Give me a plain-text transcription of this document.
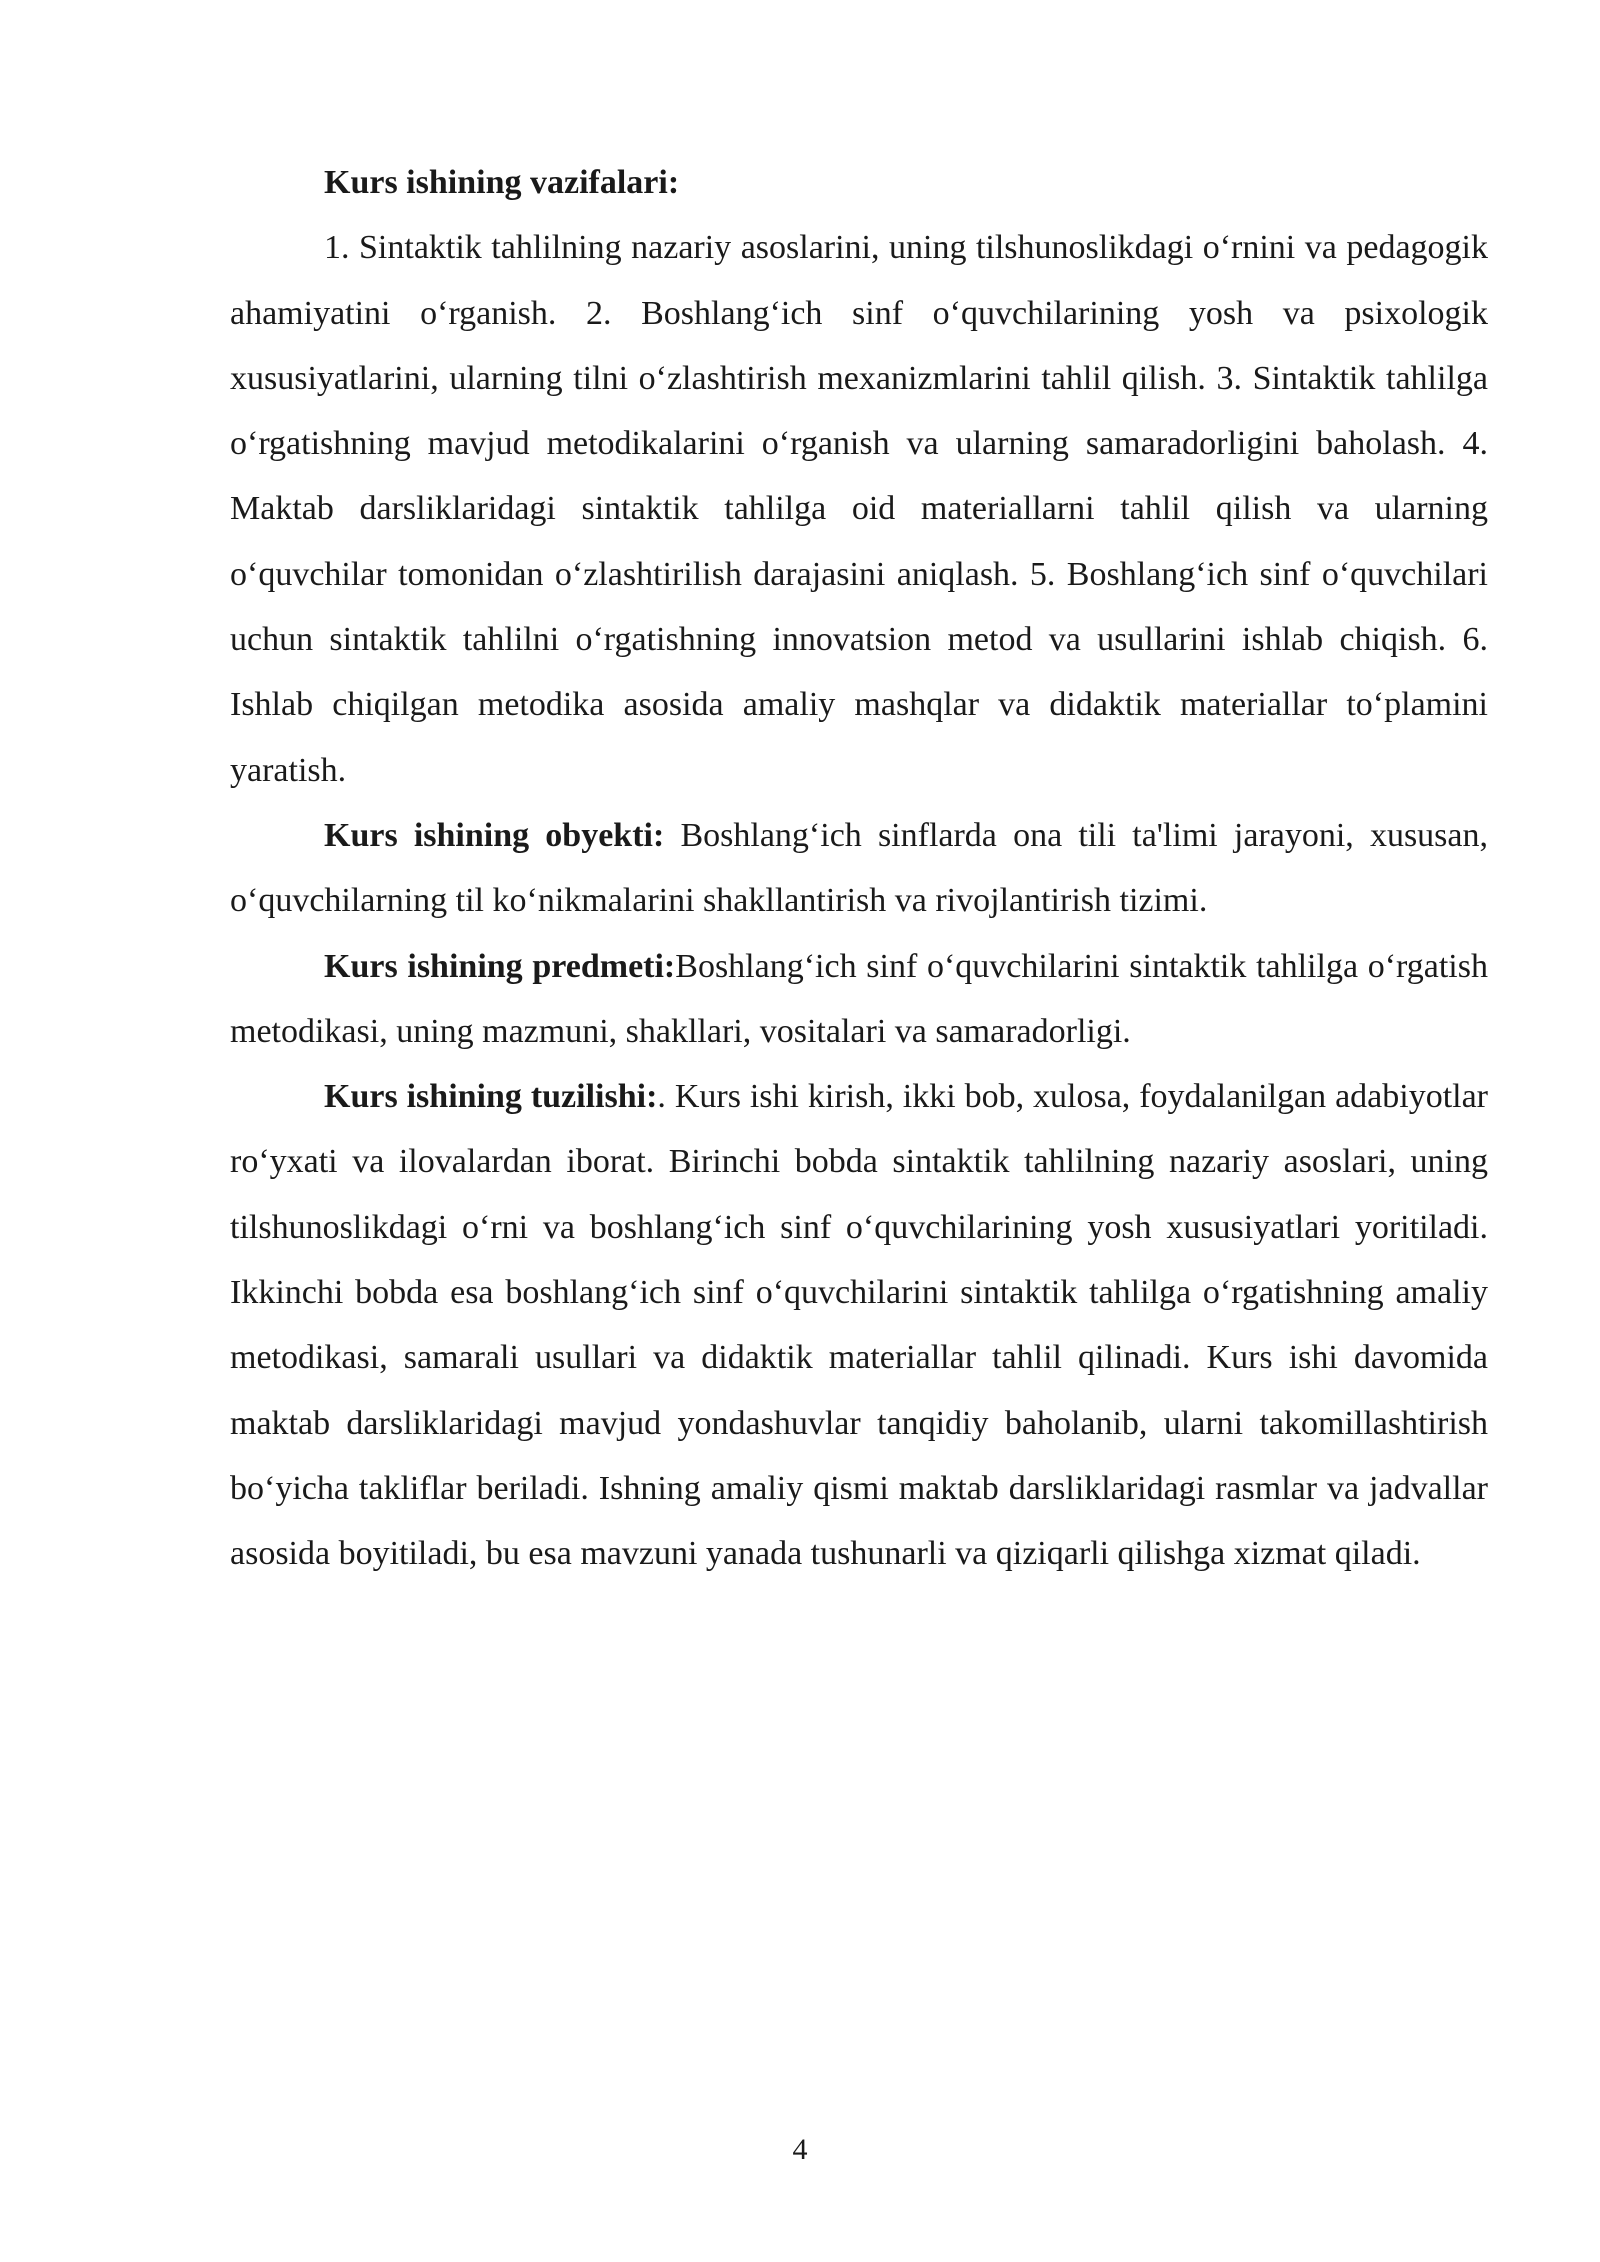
Kurs ishining vazifalari:

1. Sintaktik tahlilning nazariy asoslarini, uning tilshunoslikdagi o‘rnini va pedagogik ahamiyatini o‘rganish. 2. Boshlang‘ich sinf o‘quvchilarining yosh va psixologik xususiyatlarini, ularning tilni o‘zlashtirish mexanizmlarini tahlil qilish. 3. Sintaktik tahlilga o‘rgatishning mavjud metodikalarini o‘rganish va ularning samaradorligini baholash. 4. Maktab darsliklaridagi sintaktik tahlilga oid materiallarni tahlil qilish va ularning o‘quvchilar tomonidan o‘zlashtirilish darajasini aniqlash. 5. Boshlang‘ich sinf o‘quvchilari uchun sintaktik tahlilni o‘rgatishning innovatsion metod va usullarini ishlab chiqish. 6. Ishlab chiqilgan metodika asosida amaliy mashqlar va didaktik materiallar to‘plamini yaratish.

Kurs ishining obyekti: Boshlang‘ich sinflarda ona tili ta'limi jarayoni, xususan, o‘quvchilarning til ko‘nikmalarini shakllantirish va rivojlantirish tizimi.

Kurs ishining predmeti:Boshlang‘ich sinf o‘quvchilarini sintaktik tahlilga o‘rgatish metodikasi, uning mazmuni, shakllari, vositalari va samaradorligi.

Kurs ishining tuzilishi:. Kurs ishi kirish, ikki bob, xulosa, foydalanilgan adabiyotlar ro‘yxati va ilovalardan iborat. Birinchi bobda sintaktik tahlilning nazariy asoslari, uning tilshunoslikdagi o‘rni va boshlang‘ich sinf o‘quvchilarining yosh xususiyatlari yoritiladi. Ikkinchi bobda esa boshlang‘ich sinf o‘quvchilarini sintaktik tahlilga o‘rgatishning amaliy metodikasi, samarali usullari va didaktik materiallar tahlil qilinadi. Kurs ishi davomida maktab darsliklaridagi mavjud yondashuvlar tanqidiy baholanib, ularni takomillashtirish bo‘yicha takliflar beriladi. Ishning amaliy qismi maktab darsliklaridagi rasmlar va jadvallar asosida boyitiladi, bu esa mavzuni yanada tushunarli va qiziqarli qilishga xizmat qiladi.

4
